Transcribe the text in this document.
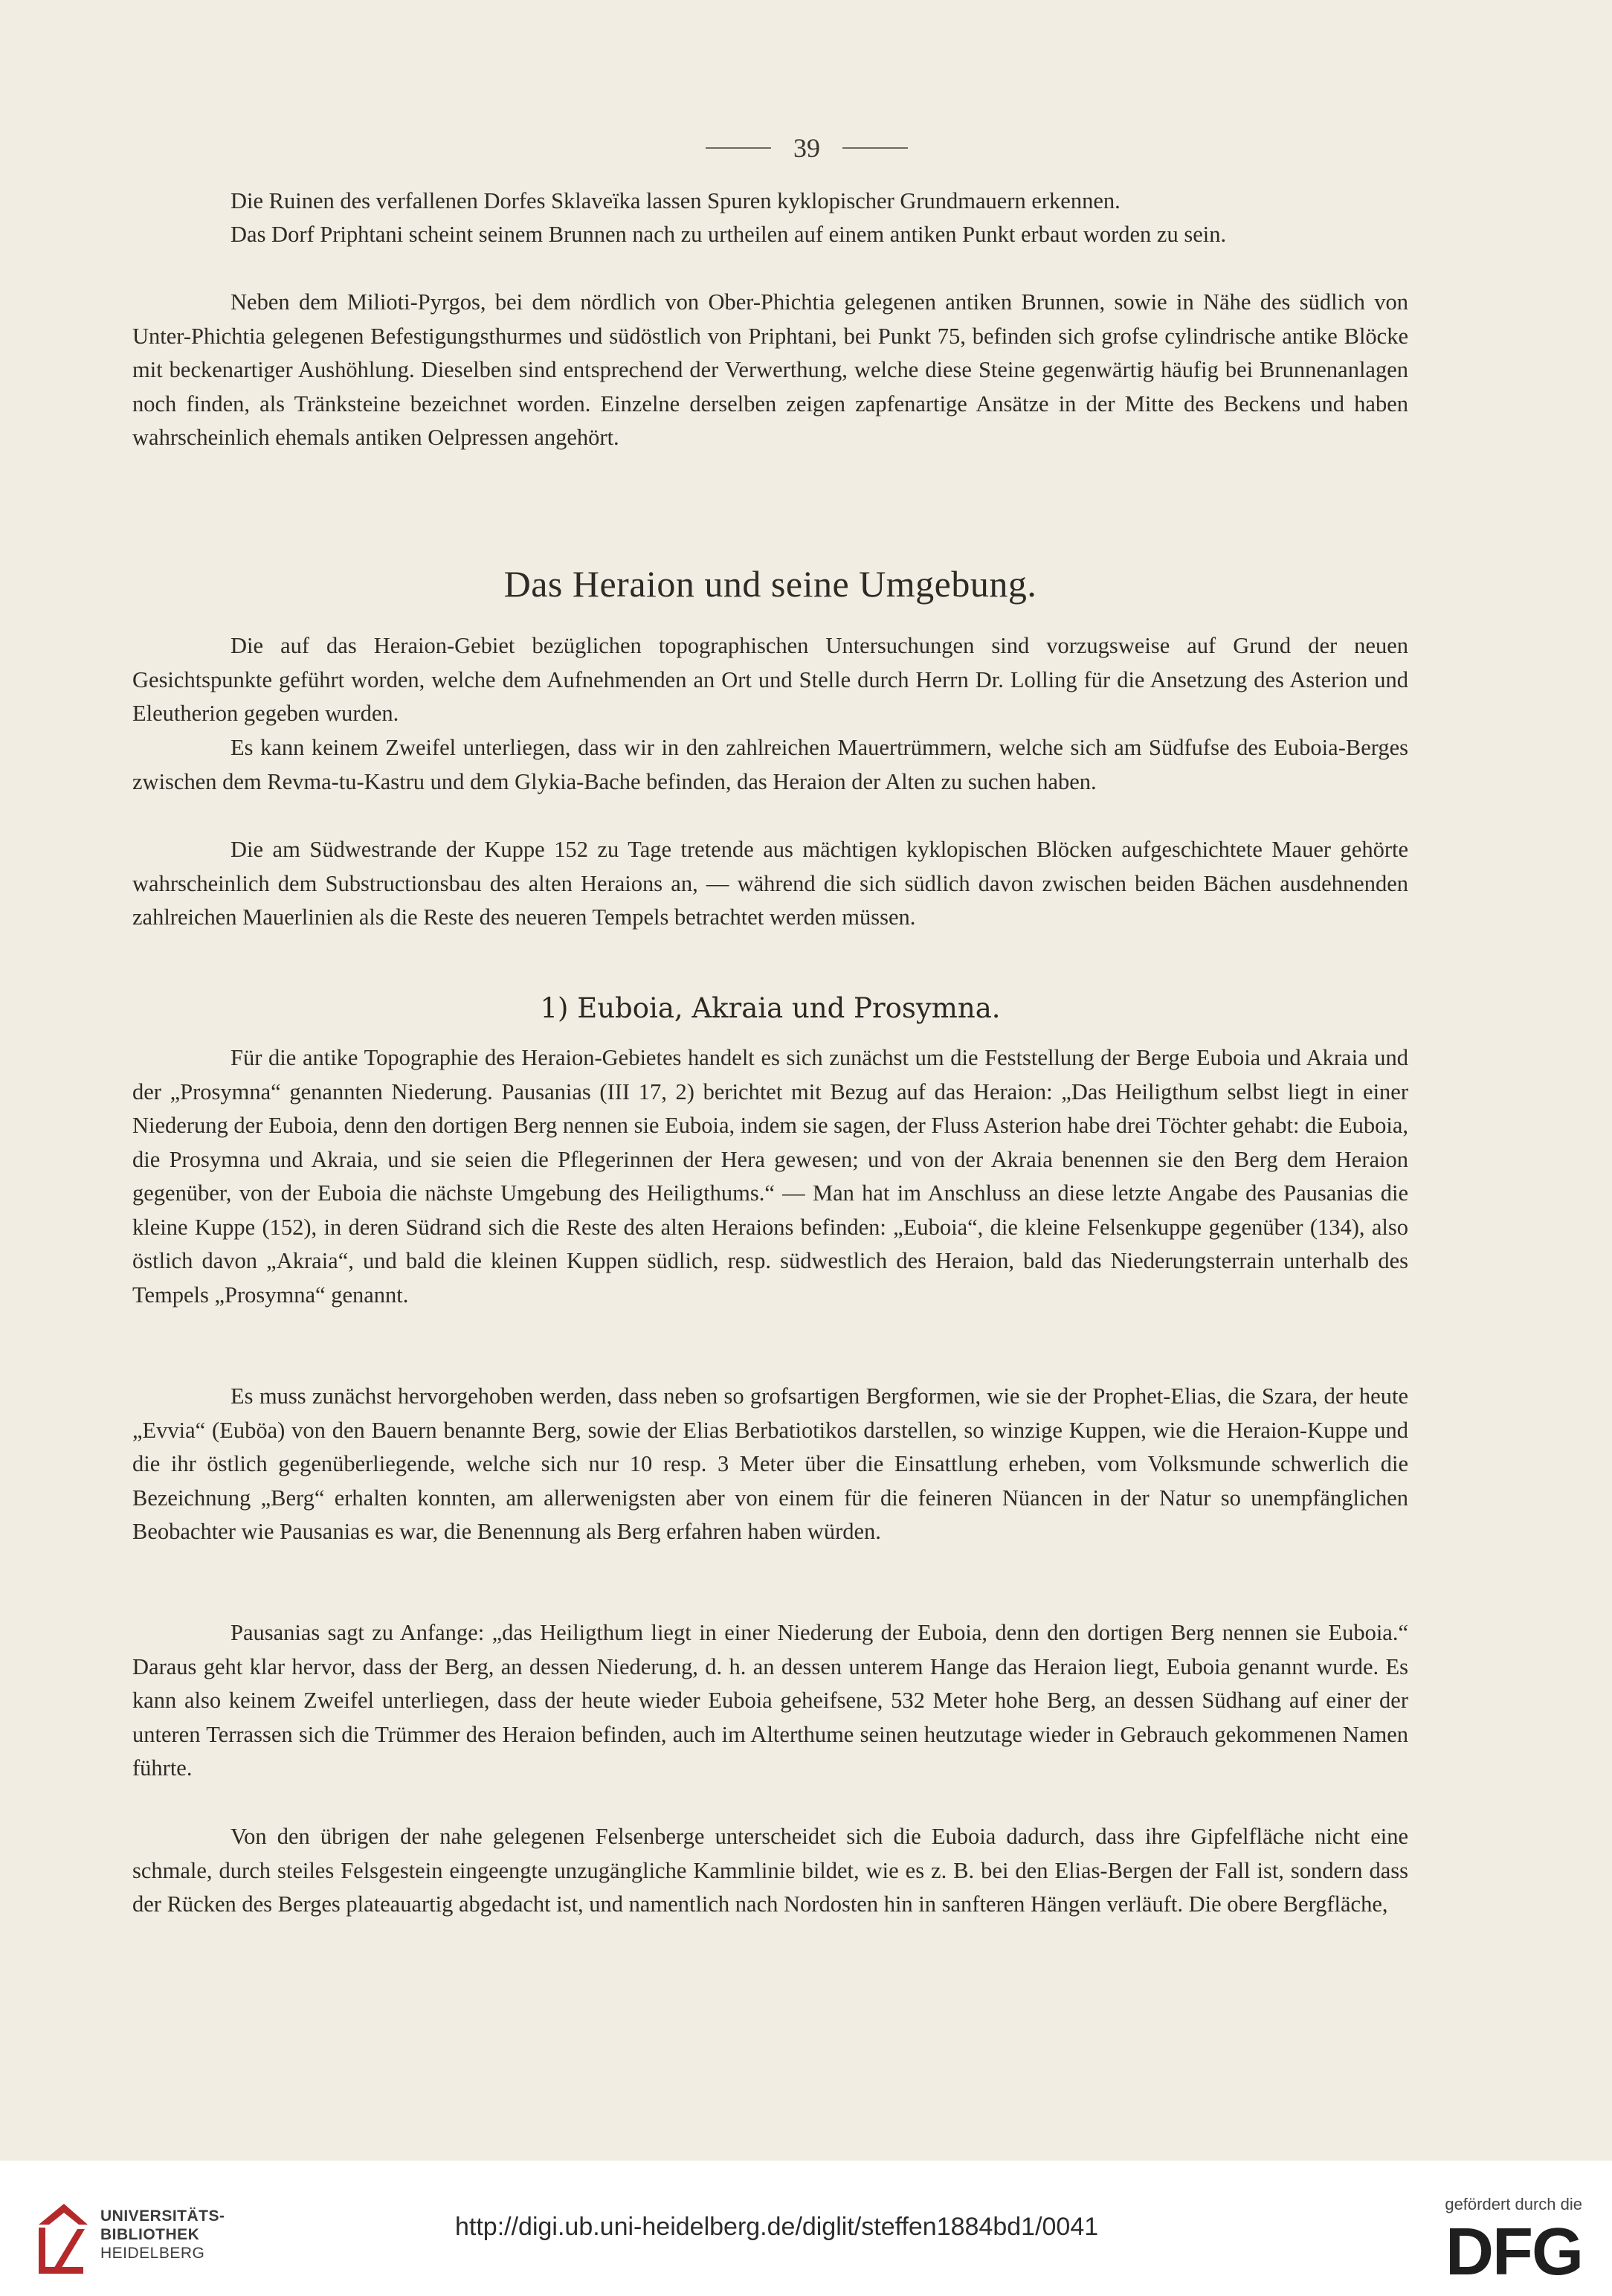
39

Die Ruinen des verfallenen Dorfes Sklaveïka lassen Spuren kyklopischer Grundmauern erkennen.

Das Dorf Priphtani scheint seinem Brunnen nach zu urtheilen auf einem antiken Punkt erbaut worden zu sein.

Neben dem Milioti-Pyrgos, bei dem nördlich von Ober-Phichtia gelegenen antiken Brunnen, sowie in Nähe des südlich von Unter-Phichtia gelegenen Befestigungsthurmes und südöstlich von Priphtani, bei Punkt 75, befinden sich grofse cylindrische antike Blöcke mit beckenartiger Aushöhlung. Dieselben sind entsprechend der Verwerthung, welche diese Steine gegenwärtig häufig bei Brunnenanlagen noch finden, als Tränksteine bezeichnet worden. Einzelne derselben zeigen zapfenartige Ansätze in der Mitte des Beckens und haben wahrscheinlich ehemals antiken Oelpressen angehört.

Das Heraion und seine Umgebung.

Die auf das Heraion-Gebiet bezüglichen topographischen Untersuchungen sind vorzugsweise auf Grund der neuen Gesichtspunkte geführt worden, welche dem Aufnehmenden an Ort und Stelle durch Herrn Dr. Lolling für die Ansetzung des Asterion und Eleutherion gegeben wurden.

Es kann keinem Zweifel unterliegen, dass wir in den zahlreichen Mauertrümmern, welche sich am Südfufse des Euboia-Berges zwischen dem Revma-tu-Kastru und dem Glykia-Bache befinden, das Heraion der Alten zu suchen haben.

Die am Südwestrande der Kuppe 152 zu Tage tretende aus mächtigen kyklopischen Blöcken aufgeschichtete Mauer gehörte wahrscheinlich dem Substructionsbau des alten Heraions an, — während die sich südlich davon zwischen beiden Bächen ausdehnenden zahlreichen Mauerlinien als die Reste des neueren Tempels betrachtet werden müssen.

1) Euboia, Akraia und Prosymna.

Für die antike Topographie des Heraion-Gebietes handelt es sich zunächst um die Feststellung der Berge Euboia und Akraia und der „Prosymna“ genannten Niederung. Pausanias (III 17, 2) berichtet mit Bezug auf das Heraion: „Das Heiligthum selbst liegt in einer Niederung der Euboia, denn den dortigen Berg nennen sie Euboia, indem sie sagen, der Fluss Asterion habe drei Töchter gehabt: die Euboia, die Prosymna und Akraia, und sie seien die Pflegerinnen der Hera gewesen; und von der Akraia benennen sie den Berg dem Heraion gegenüber, von der Euboia die nächste Umgebung des Heiligthums.“ — Man hat im Anschluss an diese letzte Angabe des Pausanias die kleine Kuppe (152), in deren Südrand sich die Reste des alten Heraions befinden: „Euboia“, die kleine Felsenkuppe gegenüber (134), also östlich davon „Akraia“, und bald die kleinen Kuppen südlich, resp. südwestlich des Heraion, bald das Niederungsterrain unterhalb des Tempels „Prosymna“ genannt.

Es muss zunächst hervorgehoben werden, dass neben so grofsartigen Bergformen, wie sie der Prophet-Elias, die Szara, der heute „Evvia“ (Euböa) von den Bauern benannte Berg, sowie der Elias Berbatiotikos darstellen, so winzige Kuppen, wie die Heraion-Kuppe und die ihr östlich gegenüberliegende, welche sich nur 10 resp. 3 Meter über die Einsattlung erheben, vom Volksmunde schwerlich die Bezeichnung „Berg“ erhalten konnten, am allerwenigsten aber von einem für die feineren Nüancen in der Natur so unempfänglichen Beobachter wie Pausanias es war, die Benennung als Berg erfahren haben würden.

Pausanias sagt zu Anfange: „das Heiligthum liegt in einer Niederung der Euboia, denn den dortigen Berg nennen sie Euboia.“ Daraus geht klar hervor, dass der Berg, an dessen Niederung, d. h. an dessen unterem Hange das Heraion liegt, Euboia genannt wurde. Es kann also keinem Zweifel unterliegen, dass der heute wieder Euboia geheifsene, 532 Meter hohe Berg, an dessen Südhang auf einer der unteren Terrassen sich die Trümmer des Heraion befinden, auch im Alterthume seinen heutzutage wieder in Gebrauch gekommenen Namen führte.

Von den übrigen der nahe gelegenen Felsenberge unterscheidet sich die Euboia dadurch, dass ihre Gipfelfläche nicht eine schmale, durch steiles Felsgestein eingeengte unzugängliche Kammlinie bildet, wie es z. B. bei den Elias-Bergen der Fall ist, sondern dass der Rücken des Berges plateauartig abgedacht ist, und namentlich nach Nordosten hin in sanfteren Hängen verläuft. Die obere Bergfläche,

UNIVERSITÄTS-
BIBLIOTHEK
HEIDELBERG
http://digi.ub.uni-heidelberg.de/diglit/steffen1884bd1/0041
gefördert durch die
DFG
